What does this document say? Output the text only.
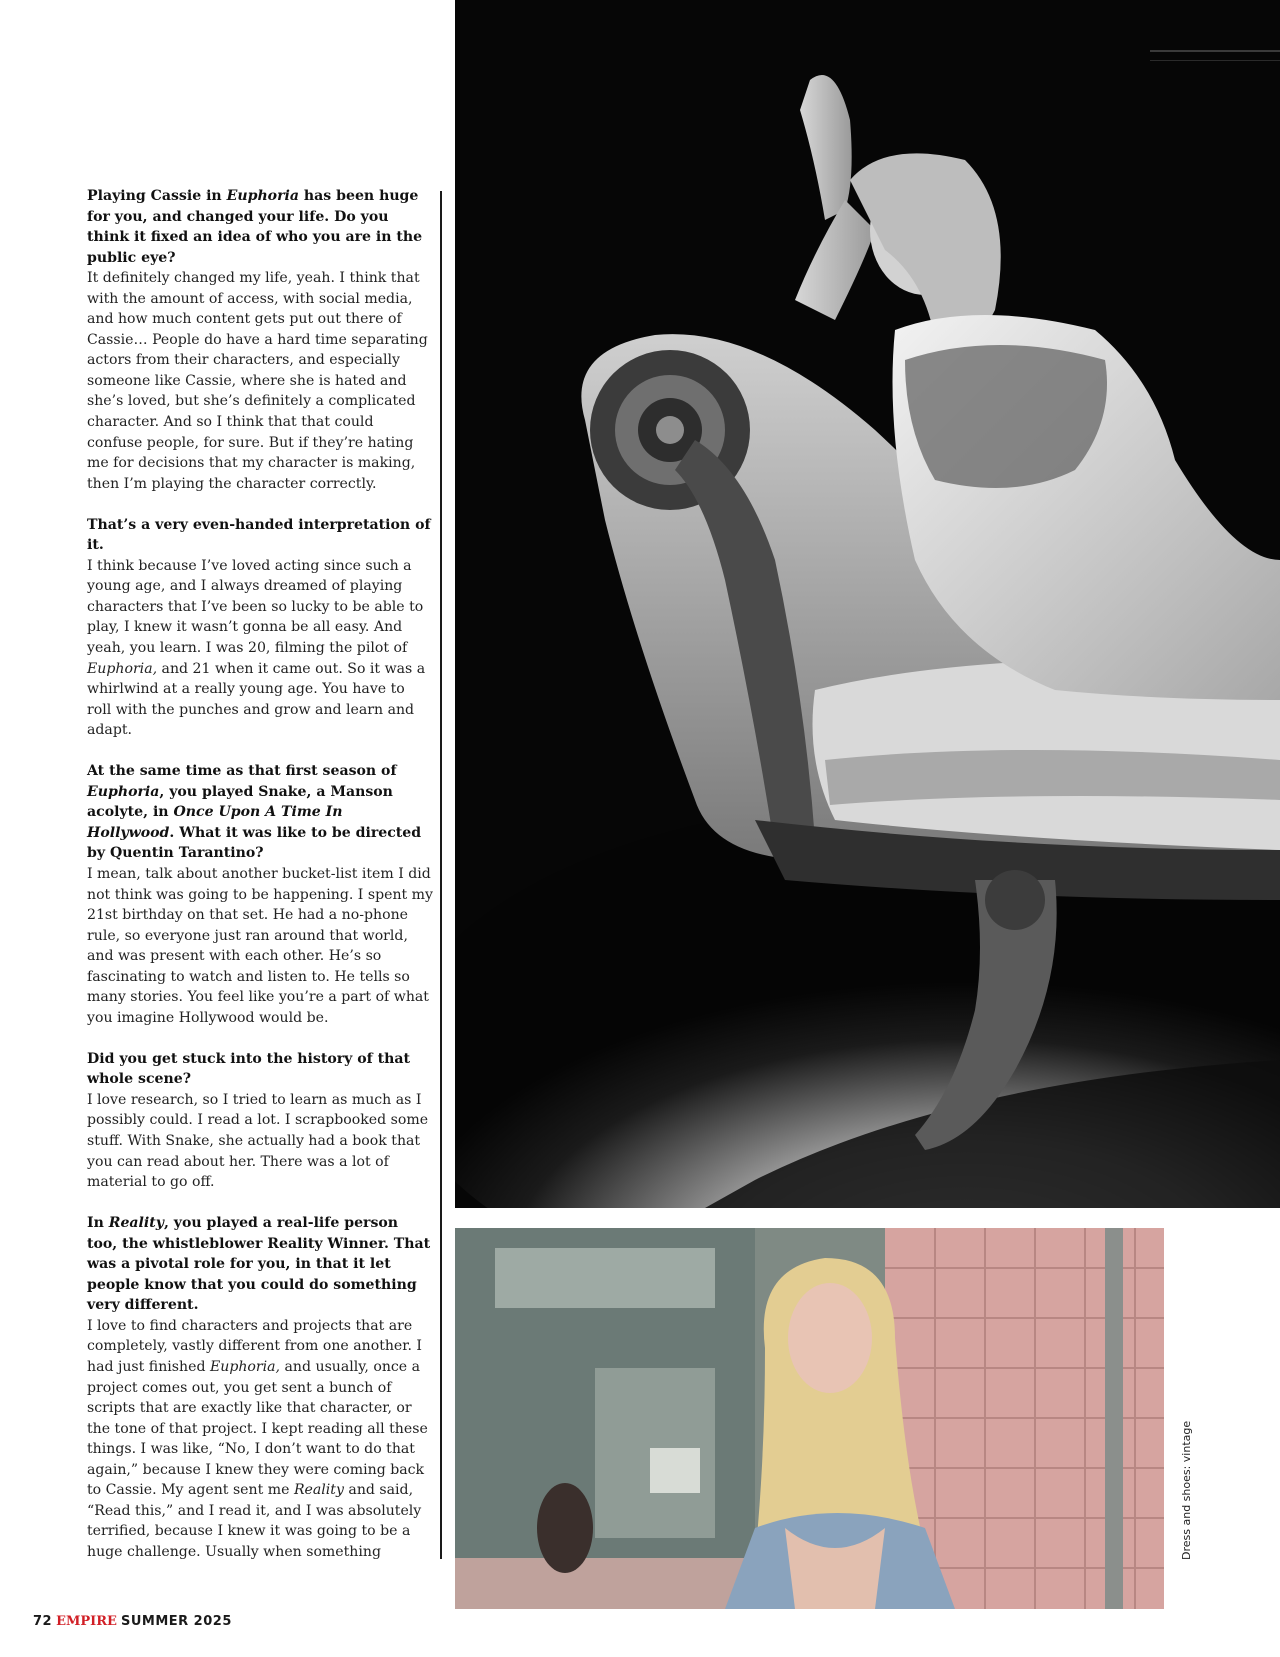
Playing Cassie in Euphoria has been huge for you, and changed your life. Do you think it fixed an idea of who you are in the public eye?

It definitely changed my life, yeah. I think that with the amount of access, with social media, and how much content gets put out there of Cassie… People do have a hard time separating actors from their characters, and especially someone like Cassie, where she is hated and she’s loved, but she’s definitely a complicated character. And so I think that that could confuse people, for sure. But if they’re hating me for decisions that my character is making, then I’m playing the character correctly.

That’s a very even-handed interpretation of it.

I think because I’ve loved acting since such a young age, and I always dreamed of playing characters that I’ve been so lucky to be able to play, I knew it wasn’t gonna be all easy. And yeah, you learn. I was 20, filming the pilot of Euphoria, and 21 when it came out. So it was a whirlwind at a really young age. You have to roll with the punches and grow and learn and adapt.

At the same time as that first season of Euphoria, you played Snake, a Manson acolyte, in Once Upon A Time In Hollywood. What it was like to be directed by Quentin Tarantino?

I mean, talk about another bucket-list item I did not think was going to be happening. I spent my 21st birthday on that set. He had a no-phone rule, so everyone just ran around that world, and was present with each other. He’s so fascinating to watch and listen to. He tells so many stories. You feel like you’re a part of what you imagine Hollywood would be.

Did you get stuck into the history of that whole scene?

I love research, so I tried to learn as much as I possibly could. I read a lot. I scrapbooked some stuff. With Snake, she actually had a book that you can read about her. There was a lot of material to go off.

In Reality, you played a real-life person too, the whistleblower Reality Winner. That was a pivotal role for you, in that it let people know that you could do something very different.

I love to find characters and projects that are completely, vastly different from one another. I had just finished Euphoria, and usually, once a project comes out, you get sent a bunch of scripts that are exactly like that character, or the tone of that project. I kept reading all these things. I was like, “No, I don’t want to do that again,” because I knew they were coming back to Cassie. My agent sent me Reality and said, “Read this,” and I read it, and I was absolutely terrified, because I knew it was going to be a huge challenge. Usually when something	Dress and shoes: vintage
72 EMPIRE SUMMER 2025
